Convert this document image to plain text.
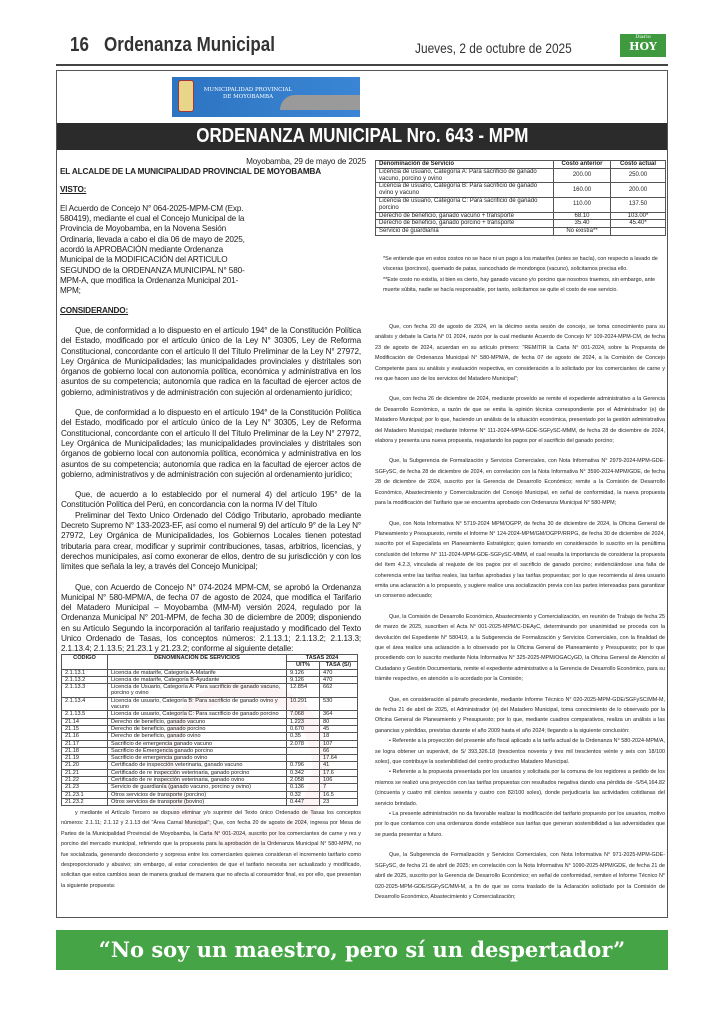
16 Ordenanza Municipal	Jueves, 2 de octubre de 2025
Diario
HOY
MUNICIPALIDAD PROVINCIAL
DE MOYOBAMBA
ORDENANZA MUNICIPAL Nro. 643 - MPM
Moyobamba, 29 de mayo de 2025
EL ALCALDE DE LA MUNICIPALIDAD PROVINCIAL DE MOYOBAMBA
VISTO:
El Acuerdo de Concejo N° 064-2025-MPM-CM (Exp. 580419), mediante el cual el Concejo Municipal de la Provincia de Moyobamba, en la Novena Sesión Ordinaria, llevada a cabo el día 06 de mayo de 2025, acordó la APROBACIÓN mediante Ordenanza Municipal de la MODIFICACIÓN del ARTICULO SEGUNDO de la ORDENANZA MUNICIPAL N° 580-MPM-A, que modifica la Ordenanza Municipal 201-MPM;
CONSIDERANDO:

Que, de conformidad a lo dispuesto en el artículo 194° de la Constitución Política del Estado, modificado por el artículo único de la Ley N° 30305, Ley de Reforma Constitucional, concordante con el artículo II del Título Preliminar de la Ley N° 27972, Ley Orgánica de Municipalidades; las municipalidades provinciales y distritales son órganos de gobierno local con autonomía política, económica y administrativa en los asuntos de su competencia; autonomía que radica en la facultad de ejercer actos de gobierno, administrativos y de administración con sujeción al ordenamiento jurídico;

Que, de conformidad a lo dispuesto en el artículo 194° de la Constitución Política del Estado, modificado por el artículo único de la Ley N° 30305, Ley de Reforma Constitucional, concordante con el artículo II del Título Preliminar de la Ley N° 27972, Ley Orgánica de Municipalidades; las municipalidades provinciales y distritales son órganos de gobierno local con autonomía política, económica y administrativa en los asuntos de su competencia; autonomía que radica en la facultad de ejercer actos de gobierno, administrativos y de administración con sujeción al ordenamiento jurídico;

Que, de acuerdo a lo establecido por el numeral 4) del artículo 195° de la Constitución Política del Perú, en concordancia con la norma IV del Título

Preliminar del Texto Unico Ordenado del Código Tributario, aprobado mediante Decreto Supremo N° 133-2023-EF, así como el numeral 9) del artículo 9° de la Ley N° 27972, Ley Orgánica de Municipalidades, los Gobiernos Locales tienen potestad tributaria para crear, modificar y suprimir contribuciones, tasas, arbitrios, licencias, y derechos municipales, así como exonerar de ellos, dentro de su jurisdicción y con los límites que señala la ley, a través del Concejo Municipal;

Que, con Acuerdo de Concejo N° 074-2024 MPM-CM, se aprobó la Ordenanza Municipal N° 580-MPM/A, de fecha 07 de agosto de 2024, que modifica el Tarifario del Matadero Municipal – Moyobamba (MM-M) versión 2024, regulado por la Ordenanza Municipal N° 201-MPM, de fecha 30 de diciembre de 2009; disponiendo en su Artículo Segundo la incorporación al tarifario reajustado y modificado del Texto Unico Ordenado de Tasas, los conceptos números: 2.1.13.1; 2.1.13.2; 2.1.13.3; 2.1.13.4; 2.1.13.5; 21.23.1 y 21.23.2; conforme al siguiente detalle:

CÓDIGO	DENOMINACIÓN DE SERVICIOS	TASAS 2024	
		UIT%	TASA (S/)
2.1.13.1	Licencia de matarife, Categoría A-Matarife	9.126	470
2.1.13.2	Licencia de matarife, Categoría B-Ayudante	9.126	470
2.1.13.3	Licencia de Usuario, Categoría A: Para sacrificio de ganado vacuno, porcino y ovino	12.854	662
2.1.13.4	Licencia de usuario, Categoría B: Para sacrificio de ganado ovino y vacuno	10.291	530
2.1.13.5	Licencia de usuario, Categoría C: Para sacrificio de ganado porcino	7.068	364
21.14	Derecho de beneficio, ganado vacuno	1.223	80
21.15	Derecho de beneficio, ganado porcino	0.670	45
21.16	Derecho de beneficio, ganado ovino	0.35	18
21.17	Sacrificio de emergencia ganado vacuno	2.078	107
21.18	Sacrificio de Emergencia ganado porcino		66
21.19	Sacrificio de emergencia ganado ovino		17.64
21.20	Certificado de inspección veterinaria, ganado vacuno	0.796	41
21.21	Certificado de re inspección veterinaria, ganado porcino	0.342	17.6
21.22	Certificado de re inspección veterinaria, ganado ovino	2.058	106
21.23	Servicio de guardianía (ganado vacuno, porcino y ovino)	0.136	7
21.23.1	Otros servicios de transporte (porcino)	0.32	16.5
21.23.2	Otros servicios de transporte (bovino)	0.447	23

y mediante el Artículo Tercero se dispuso eliminar y/o suprimir del Texto único Ordenado de Tasas los conceptos números: 2.1.11; 2.1.12 y 2.1.13 del "Área Carnal Municipal"; Que, con fecha 20 de agosto de 2024, ingresa por Mesa de Partes de la Municipalidad Provincial de Moyobamba, la Carta N° 001-2024, suscrito por los comerciantes de carne y res y porcino del mercado municipal, refiriendo que la propuesta para la aprobación de la Ordenanza Municipal N° 580-MPM, no fue socializada, generando desconcierto y sorpresa entre los comerciantes quienes consideran el incremento tarifario como desproporcionado y abusivo; sin embargo, al estar conscientes de que el tarifario necesita ser actualizado y modificado, solicitan que estos cambios sean de manera gradual de manera que no afecta al consumidor final, es por ello, que presentan la siguiente propuesta:

Denominación de Servicio	Costo anterior	Costo actual
Licencia de usuario, Categoría A: Para sacrificio de ganado vacuno, porcino y ovino	200.00	250.00
Licencia de usuario, Categoría B: Para sacrificio de ganado ovino y vacuno	160.00	200.00
Licencia de usuario, Categoría C: Para sacrificio de ganado porcino	110.00	137.50
Derecho de beneficio, ganado vacuno + transporte	68.10	103.00*
Derecho de beneficio, ganado porcino + transporte	35.40	45.40*
Servicio de guardianía	No existía**	

*Se entiende que en estos costos no se hace ni un pago a los matarifes (antes se hacía), con respecto a lavado de vísceras (porcinos), quemado de patas, sancochado de mondongos (vacuno), solicitamos precisa ello.

**Este costo no existía, si bien es cierto, hay ganado vacuno y/o porcino que nosotros traemos, sin embargo, ante muerte súbita, nadie se hacía responsable, por tanto, solicitamos se quite el costo de ese servicio.

Que, con fecha 20 de agosto de 2024, en la décimo sexta sesión de concejo, se toma conocimiento para su análisis y debate la Carta N° 01 2024, razón por la cual mediante Acuerdo de Concejo N° 109-2024-MPM-CM, de fecha 23 de agosto de 2024, acuerdan en su artículo primero: "REMITIR la Carta N° 001-2024, sobre la Propuesta de Modificación de Ordenanza Municipal N° 580-MPM/A, de fecha 07 de agosto de 2024, a la Comisión de Concejo Competente para su análisis y evaluación respectiva, en consideración a lo solicitado por los comerciantes de carne y res que hacen uso de los servicios del Matadero Municipal";

Que, con fecha 26 de diciembre de 2024, mediante proveído se remite el expediente administrativo a la Gerencia de Desarrollo Económico, a razón de que se emita la opinión técnica correspondiente por el Administrador (e) de Matadero Municipal; por lo que, haciendo un análisis de la situación económica, presentado por la gestión administrativa del Matadero Municipal; mediante Informe N° 111-2024-MPM-GDE-SGFySC-MMM, de fecha 28 de diciembre de 2024, elabora y presenta una nueva propuesta, reajustando los pagos por el sacrificio del ganado porcino;

Que, la Subgerencia de Formalización y Servicios Comerciales, con Nota Informativa N° 2979-2024-MPM-GDE-SGFySC, de fecha 28 de diciembre de 2024, en correlación con la Nota Informativa N° 3590-2024-MPM/GDE, de fecha 28 de diciembre de 2024, suscrito por la Gerencia de Desarrollo Económico; remite a la Comisión de Desarrollo Económico, Abastecimiento y Comercialización del Concejo Municipal, en señal de conformidad, la nueva propuesta para la modificación del Tarifario que se encuentra aprobado con Ordenanza Municipal N° 580-MPM;

Que, con Nota Informativa N° 5719-2024 MPM/OGPP, de fecha 30 de diciembre de 2024, la Oficina General de Planeamiento y Presupuesto, remite el Informe N° 124-2024-MPM/GM/OGPP/RRPG, de fecha 30 de diciembre de 2024, suscrito por el Especialista en Planeamiento Estratégico; quien tomando en consideración lo suscrito en la penúltima conclusión del Informe N° 111-2024-MPM-GDE-SGFySC-MMM, el cual resalta la importancia de considerar la propuesta del ítem 4.2.3, vinculada al reajuste de los pagos por el sacrificio de ganado porcino; evidenciándose una falta de coherencia entre las tarifas reales, las tarifas aprobadas y las tarifas propuestas; por lo que recomienda al área usuario emita una aclaración a lo propuesto, y sugiere realice una socialización previa con las partes interesadas para garantizar un consenso adecuado;

Que, la Comisión de Desarrollo Económico, Abastecimiento y Comercialización, en reunión de Trabajo de fecha 25 de marzo de 2025, suscriben el Acta N° 001-2025-MPM/C-DEAyC, determinando por unanimidad se proceda con la devolución del Expediente N° 580419, a la Subgerencia de Formalización y Servicios Comerciales, con la finalidad de que el área realice una aclaración a lo observado por la Oficina General de Planeamiento y Presupuesto; por lo que procediendo con lo suscrito mediante Nota Informativa N° 325-2025-MPM/OGACyGD, la Oficina General de Atención al Ciudadano y Gestión Documentaria, remite el expediente administrativo a la Gerencia de Desarrollo Económico, para su trámite respectivo, en atención a lo acordado por la Comisión;

Que, en consideración al párrafo precedente, mediante Informe Técnico N° 020-2025-MPM-GDE/SGFySC/MM-M, de fecha 21 de abril de 2025, el Administrador (e) del Matadero Municipal, toma conocimiento de lo observado por la Oficina General de Planeamiento y Presupuesto; por lo que, mediante cuadros comparativos, realiza un análisis a las ganancias y pérdidas, previstas durante el año 2009 hasta el año 2024; llegando a la siguiente conclusión:

• Referente a la proyección del presente año fiscal aplicado a la tarifa actual de la Ordenanza N° 580-2024-MPM/A, se logra obtener un superávit, de S/ 393,326.18 (trescientos noventa y tres mil trescientos veinte y seis con 18/100 soles), que contribuye la sostenibilidad del centro productivo Matadero Municipal.

• Referente a la propuesta presentada por los usuarios y solicitada por la comuna de los regidores a pedido de los mismos se realizó una proyección con las tarifas propuestas con resultados negativa dando una pérdida de -S/54,164.82 (cincuenta y cuatro mil cientos sesenta y cuatro con 82/100 soles), donde perjudicaría las actividades cotidianas del servicio brindado.

• La presente administración no da favorable realizar la modificación del tarifario propuesto por los usuarios, motivo por lo que contamos con una ordenanza donde establece sus tarifas que generan sostenibilidad a las adversidades que se pueda presentar a futuro.

Que, la Subgerencia de Formalización y Servicios Comerciales, con Nota Informativa N° 971-2025-MPM-GDE-SGFySC, de fecha 21 de abril de 2025; en correlación con la Nota Informativa N° 1090-2025-MPM/GDE, de fecha 21 de abril de 2025, suscrito por la Gerencia de Desarrollo Económico; en señal de conformidad, remiten el Informe Técnico N° 020-2025-MPM-GDE/SGFySC/MM-M, a fin de que se corra traslado de la Aclaración solicitado por la Comisión de Desarrollo Económico, Abastecimiento y Comercialización;

“No soy un maestro, pero sí un despertador”
